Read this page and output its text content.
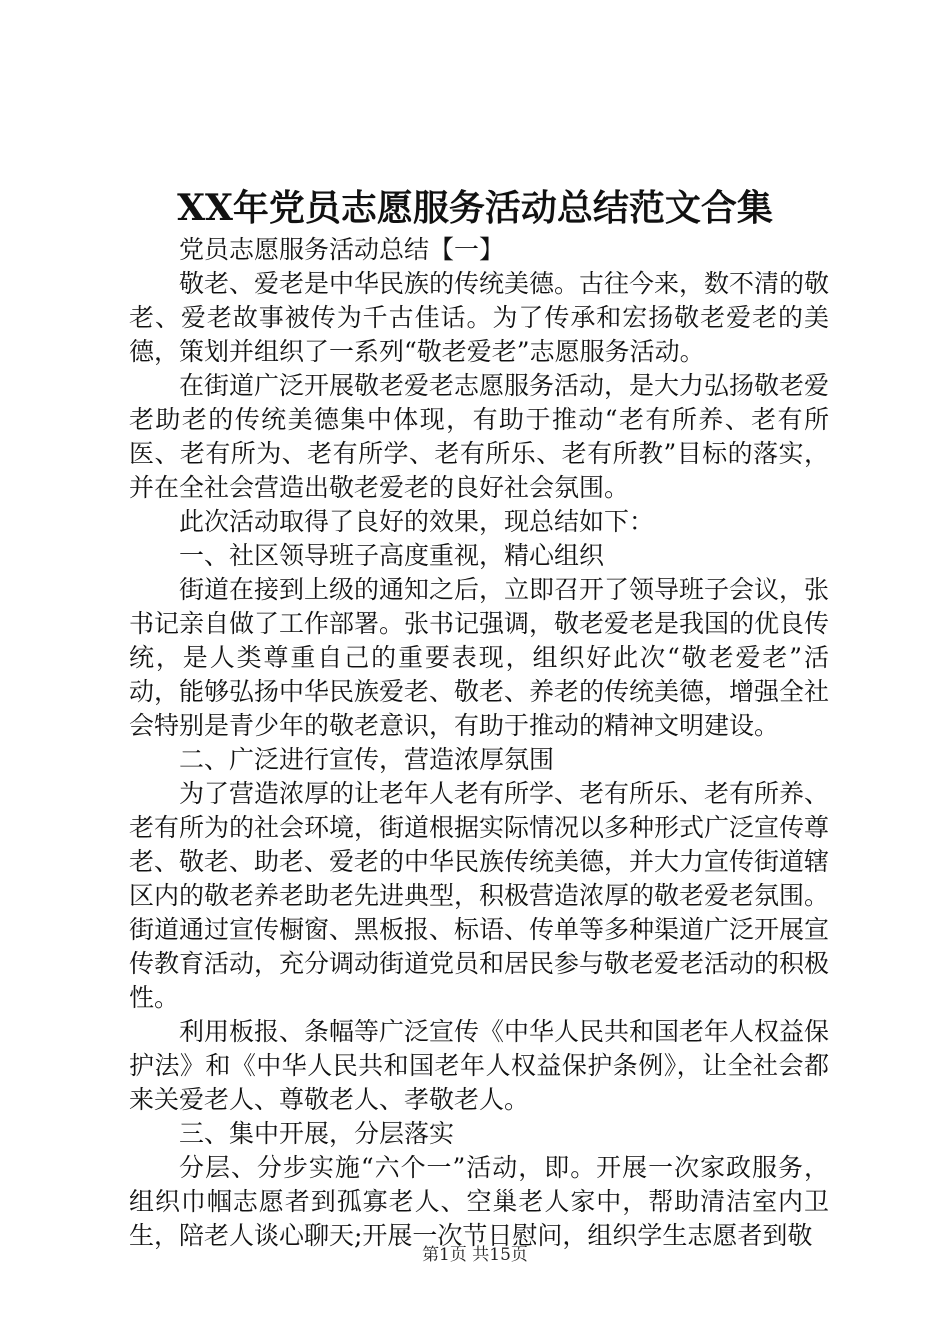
XX年党员志愿服务活动总结范文合集

党员志愿服务活动总结【一】

敬老、爱老是中华民族的传统美德。古往今来，数不清的敬老、爱老故事被传为千古佳话。为了传承和宏扬敬老爱老的美德，策划并组织了一系列“敬老爱老”志愿服务活动。

在街道广泛开展敬老爱老志愿服务活动，是大力弘扬敬老爱老助老的传统美德集中体现，有助于推动“老有所养、老有所医、老有所为、老有所学、老有所乐、老有所教”目标的落实，并在全社会营造出敬老爱老的良好社会氛围。

此次活动取得了良好的效果，现总结如下：

一、社区领导班子高度重视，精心组织

街道在接到上级的通知之后，立即召开了领导班子会议，张书记亲自做了工作部署。张书记强调，敬老爱老是我国的优良传统，是人类尊重自己的重要表现，组织好此次“敬老爱老”活动，能够弘扬中华民族爱老、敬老、养老的传统美德，增强全社会特别是青少年的敬老意识，有助于推动的精神文明建设。

二、广泛进行宣传，营造浓厚氛围

为了营造浓厚的让老年人老有所学、老有所乐、老有所养、老有所为的社会环境，街道根据实际情况以多种形式广泛宣传尊老、敬老、助老、爱老的中华民族传统美德，并大力宣传街道辖区内的敬老养老助老先进典型，积极营造浓厚的敬老爱老氛围。街道通过宣传橱窗、黑板报、标语、传单等多种渠道广泛开展宣传教育活动，充分调动街道党员和居民参与敬老爱老活动的积极性。

利用板报、条幅等广泛宣传《中华人民共和国老年人权益保护法》和《中华人民共和国老年人权益保护条例》，让全社会都来关爱老人、尊敬老人、孝敬老人。

三、集中开展，分层落实

分层、分步实施“六个一”活动，即。开展一次家政服务，组织巾帼志愿者到孤寡老人、空巢老人家中，帮助清洁室内卫生，陪老人谈心聊天;开展一次节日慰问，组织学生志愿者到敬

第1页 共15页
